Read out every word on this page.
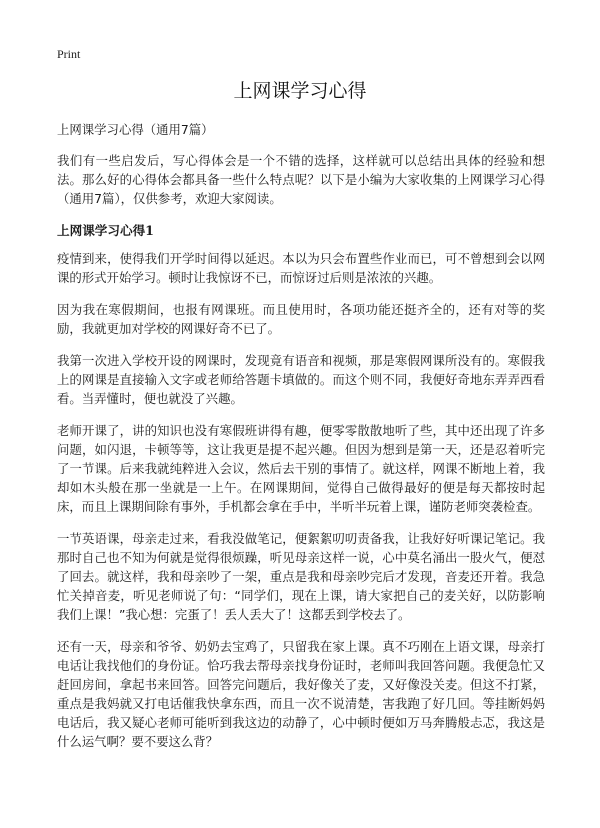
Print
上网课学习心得

上网课学习心得（通用7篇）

我们有一些启发后，写心得体会是一个不错的选择，这样就可以总结出具体的经验和想法。那么好的心得体会都具备一些什么特点呢？以下是小编为大家收集的上网课学习心得（通用7篇），仅供参考，欢迎大家阅读。

上网课学习心得1

疫情到来，使得我们开学时间得以延迟。本以为只会布置些作业而已，可不曾想到会以网课的形式开始学习。顿时让我惊讶不已，而惊讶过后则是浓浓的兴趣。

因为我在寒假期间，也报有网课班。而且使用时，各项功能还挺齐全的，还有对等的奖励，我就更加对学校的网课好奇不已了。

我第一次进入学校开设的网课时，发现竟有语音和视频，那是寒假网课所没有的。寒假我上的网课是直接输入文字或老师给答题卡填做的。而这个则不同，我便好奇地东弄弄西看看。当弄懂时，便也就没了兴趣。

老师开课了，讲的知识也没有寒假班讲得有趣，便零零散散地听了些，其中还出现了许多问题，如闪退，卡顿等等，这让我更是提不起兴趣。但因为想到是第一天，还是忍着听完了一节课。后来我就纯粹进入会议，然后去干别的事情了。就这样，网课不断地上着，我却如木头般在那一坐就是一上午。在网课期间，觉得自己做得最好的便是每天都按时起床，而且上课期间除有事外，手机都会拿在手中，半听半玩着上课，谨防老师突袭检查。

一节英语课，母亲走过来，看我没做笔记，便絮絮叨叨责备我，让我好好听课记笔记。我那时自己也不知为何就是觉得很烦躁，听见母亲这样一说，心中莫名涌出一股火气，便怼了回去。就这样，我和母亲吵了一架，重点是我和母亲吵完后才发现，音麦还开着。我急忙关掉音麦，听见老师说了句：“同学们，现在上课，请大家把自己的麦关好，以防影响我们上课！”我心想：完蛋了！丢人丢大了！这都丢到学校去了。

还有一天，母亲和爷爷、奶奶去宝鸡了，只留我在家上课。真不巧刚在上语文课，母亲打电话让我找他们的身份证。恰巧我去帮母亲找身份证时，老师叫我回答问题。我便急忙又赶回房间，拿起书来回答。回答完问题后，我好像关了麦，又好像没关麦。但这不打紧，重点是我妈就又打电话催我快拿东西，而且一次不说清楚，害我跑了好几回。等挂断妈妈电话后，我又疑心老师可能听到我这边的动静了，心中顿时便如万马奔腾般忐忑，我这是什么运气啊？要不要这么背？
